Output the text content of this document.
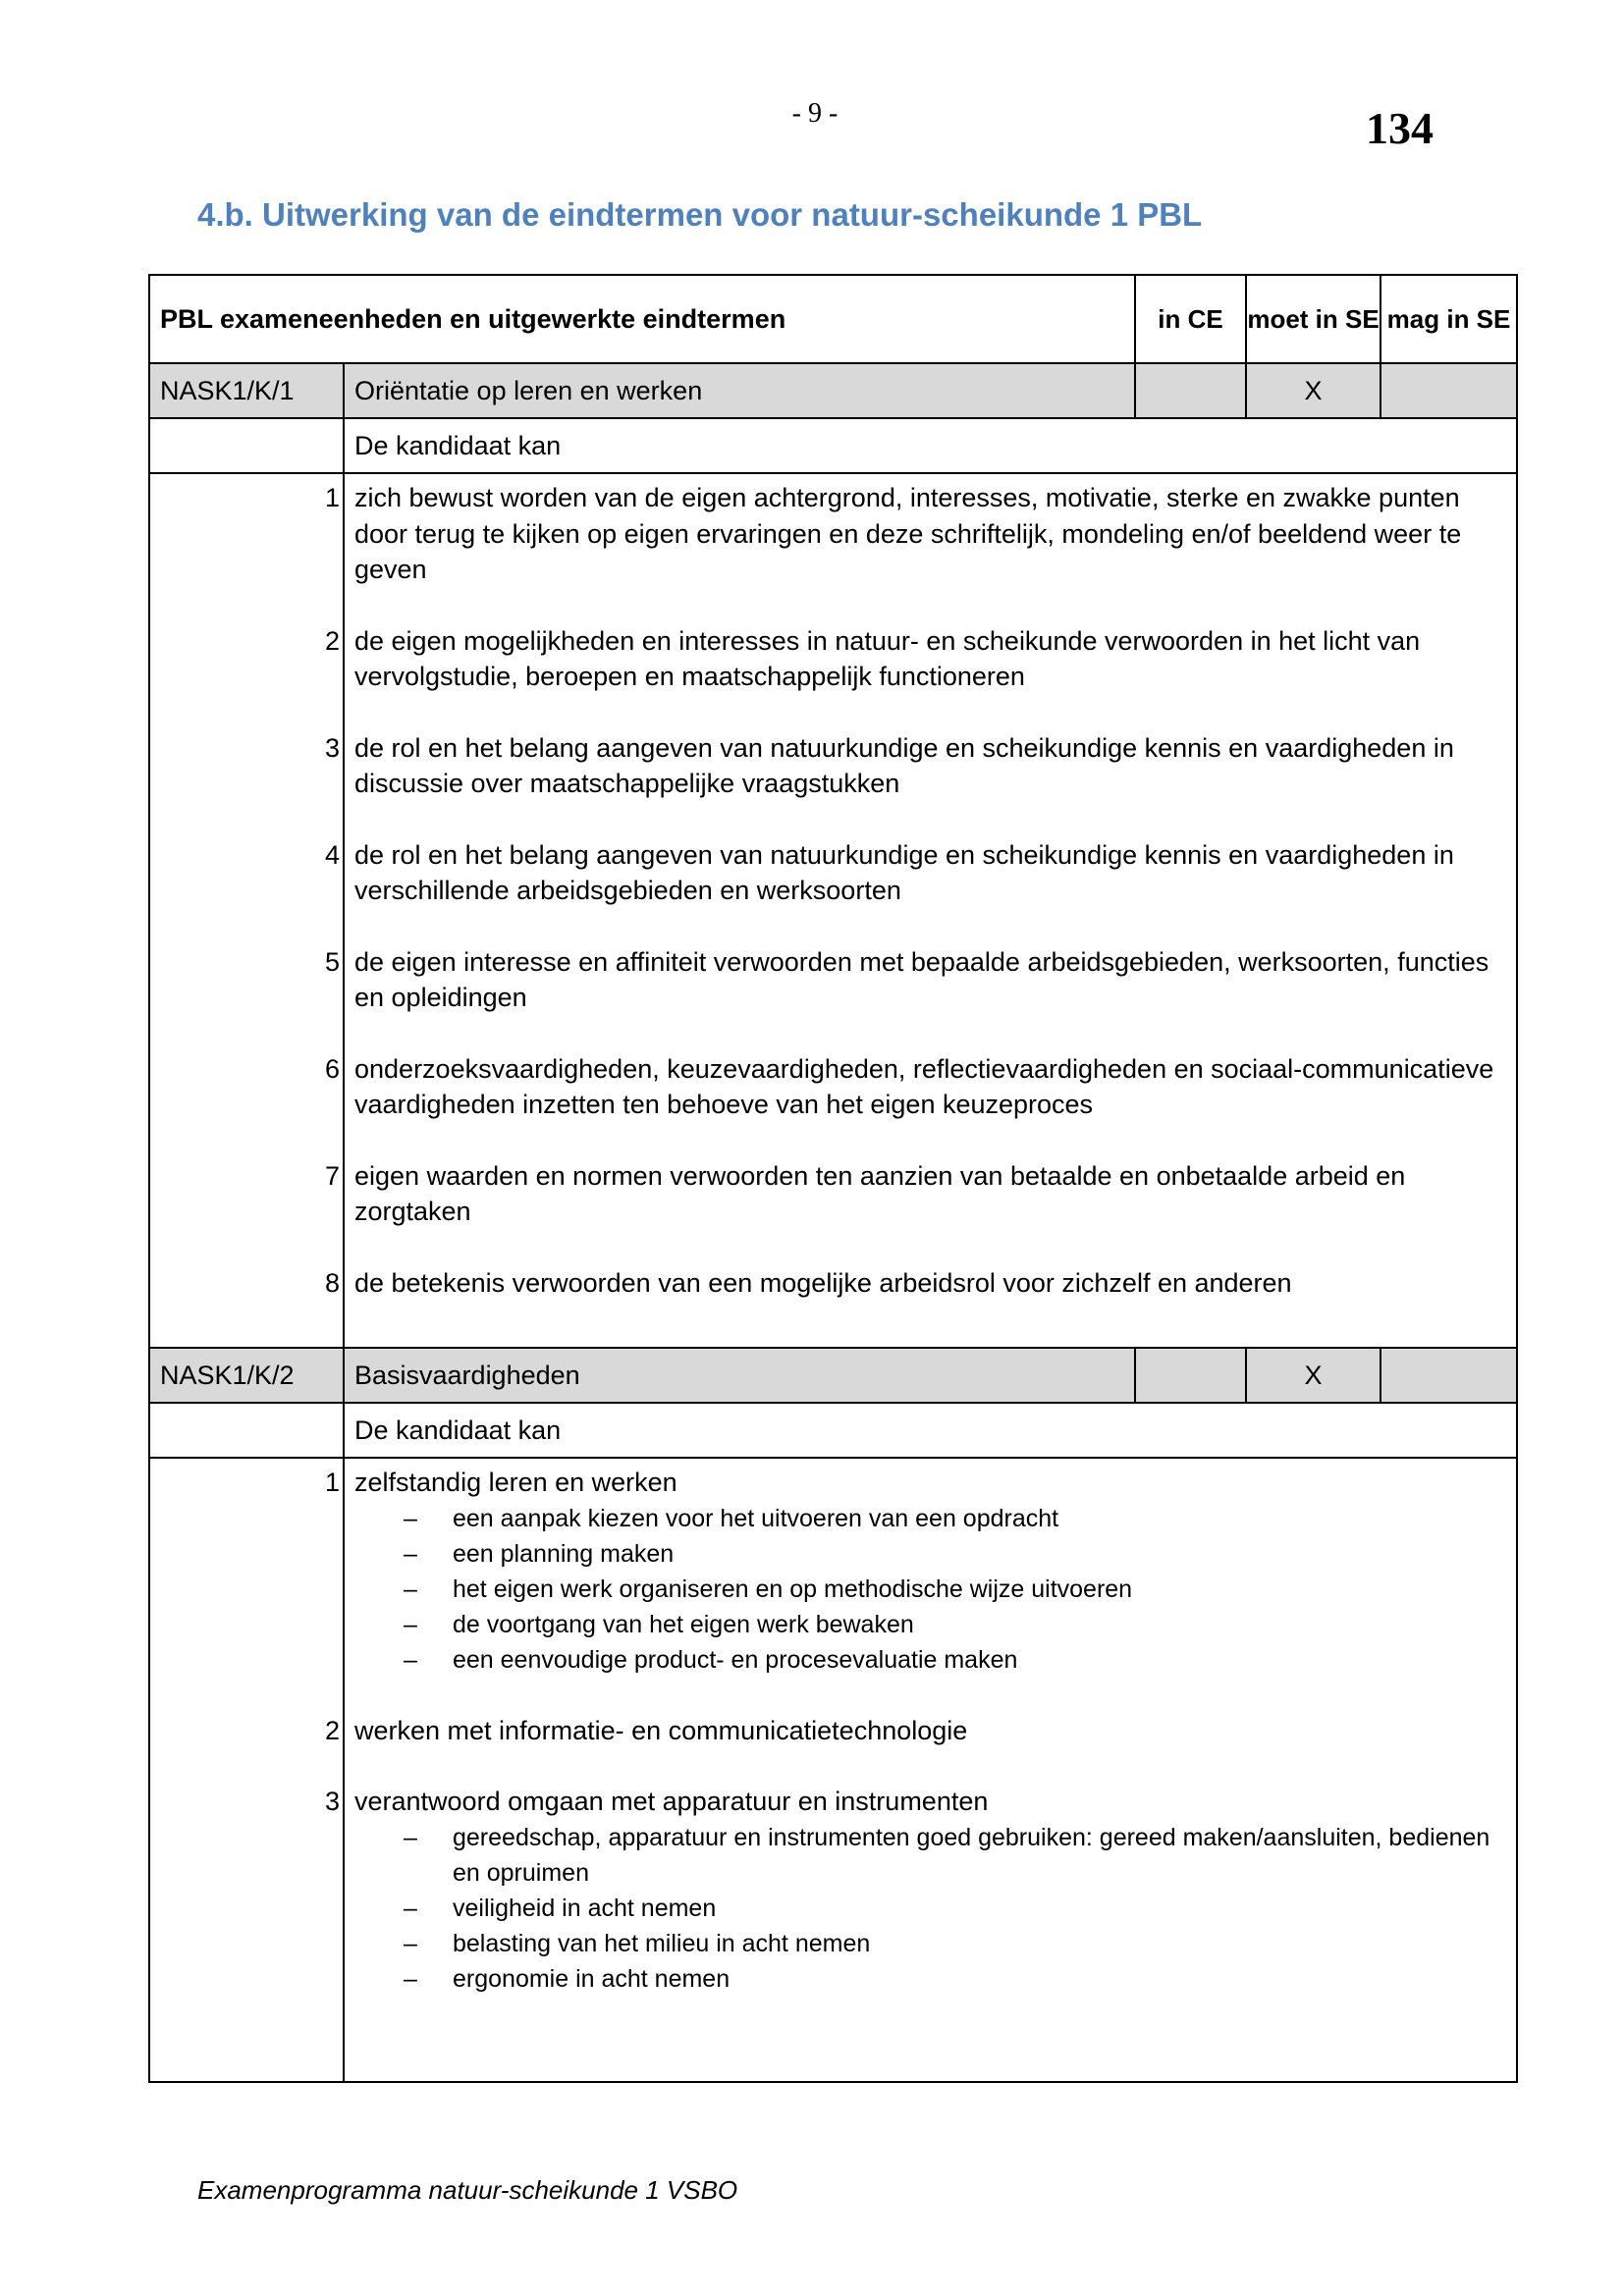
- 9 -	134
4.b. Uitwerking van de eindtermen voor natuur-scheikunde 1 PBL
PBL exameneenheden en uitgewerkte eindtermen		in CE	moet in SE	mag in SE
NASK1/K/1	Oriëntatie op leren en werken		X	
	De kandidaat kan			

1 zich bewust worden van de eigen achtergrond, interesses, motivatie, sterke en zwakke punten door terug te kijken op eigen ervaringen en deze schriftelijk, mondeling en/of beeldend weer te geven
2 de eigen mogelijkheden en interesses in natuur- en scheikunde verwoorden in het licht van vervolgstudie, beroepen en maatschappelijk functioneren
3 de rol en het belang aangeven van natuurkundige en scheikundige kennis en vaardigheden in discussie over maatschappelijke vraagstukken
4 de rol en het belang aangeven van natuurkundige en scheikundige kennis en vaardigheden in verschillende arbeidsgebieden en werksoorten
5 de eigen interesse en affiniteit verwoorden met bepaalde arbeidsgebieden, werksoorten, functies en opleidingen
6 onderzoeksvaardigheden, keuzevaardigheden, reflectievaardigheden en sociaal-communicatieve vaardigheden inzetten ten behoeve van het eigen keuzeproces
7 eigen waarden en normen verwoorden ten aanzien van betaalde en onbetaalde arbeid en zorgtaken
8 de betekenis verwoorden van een mogelijke arbeidsrol voor zichzelf en anderen

NASK1/K/2	Basisvaardigheden		X	
	De kandidaat kan			

1 zelfstandig leren en werken
– een aanpak kiezen voor het uitvoeren van een opdracht
– een planning maken
– het eigen werk organiseren en op methodische wijze uitvoeren
– de voortgang van het eigen werk bewaken
– een eenvoudige product- en procesevaluatie maken
2 werken met informatie- en communicatietechnologie
3 verantwoord omgaan met apparatuur en instrumenten
– gereedschap, apparatuur en instrumenten goed gebruiken: gereed maken/aansluiten, bedienen en opruimen
– veiligheid in acht nemen
– belasting van het milieu in acht nemen
– ergonomie in acht nemen
Examenprogramma natuur-scheikunde 1 VSBO
